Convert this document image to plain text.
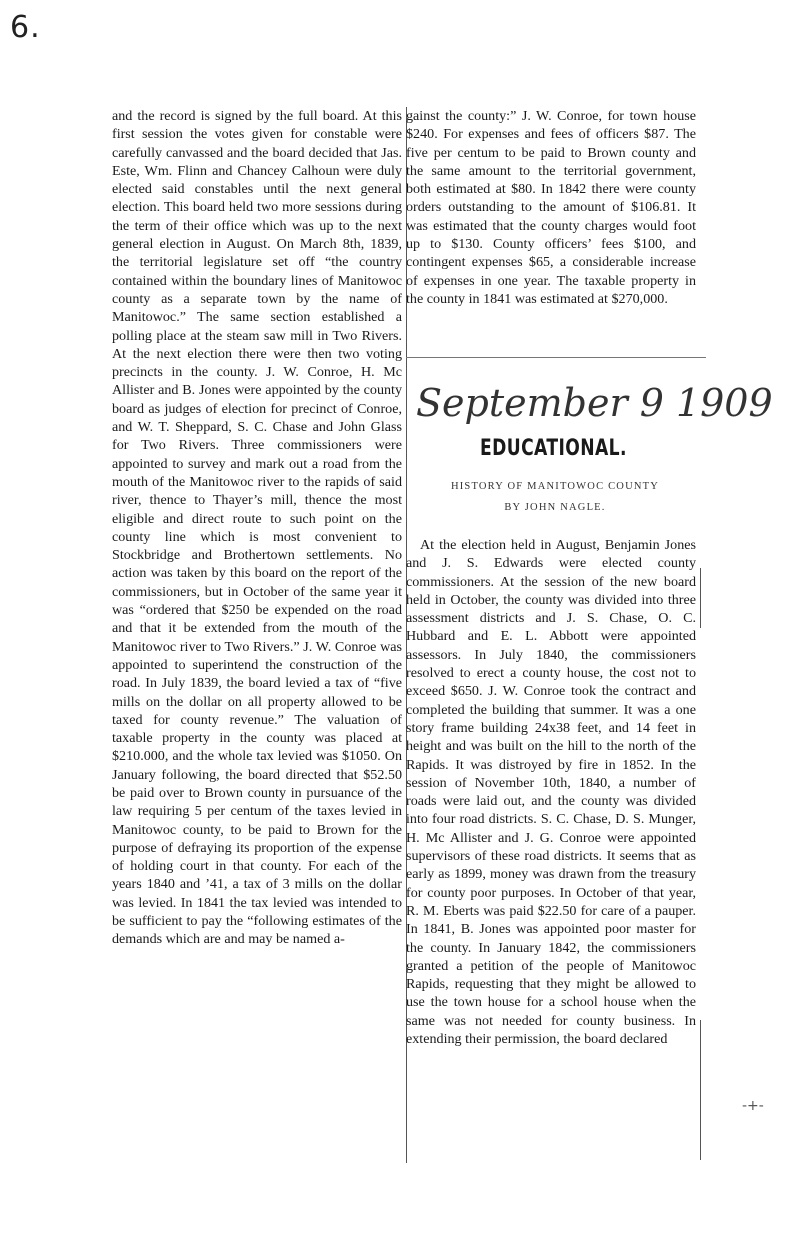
6.

and the record is signed by the full board. At this first session the votes given for constable were carefully canvassed and the board decided that Jas. Este, Wm. Flinn and Chancey Calhoun were duly elected said constables until the next general election. This board held two more sessions during the term of their office which was up to the next general election in August. On March 8th, 1839, the territorial legislature set off “the country contained within the boundary lines of Manitowoc county as a separate town by the name of Manitowoc.” The same section established a polling place at the steam saw mill in Two Rivers. At the next election there were then two voting precincts in the county. J. W. Conroe, H. Mc Allister and B. Jones were appointed by the county board as judges of election for precinct of Conroe, and W. T. Sheppard, S. C. Chase and John Glass for Two Rivers. Three commissioners were appointed to survey and mark out a road from the mouth of the Manitowoc river to the rapids of said river, thence to Thayer’s mill, thence the most eligible and direct route to such point on the county line which is most convenient to Stockbridge and Brothertown settlements. No action was taken by this board on the report of the commissioners, but in October of the same year it was “ordered that $250 be expended on the road and that it be extended from the mouth of the Manitowoc river to Two Rivers.” J. W. Conroe was appointed to superintend the construction of the road. In July 1839, the board levied a tax of “five mills on the dollar on all property allowed to be taxed for county revenue.” The valuation of taxable property in the county was placed at $210.000, and the whole tax levied was $1050. On January following, the board directed that $52.50 be paid over to Brown county in pursuance of the law requiring 5 per centum of the taxes levied in Manitowoc county, to be paid to Brown for the purpose of defraying its proportion of the expense of holding court in that county. For each of the years 1840 and ’41, a tax of 3 mills on the dollar was levied. In 1841 the tax levied was intended to be sufficient to pay the “following estimates of the demands which are and may be named a-

gainst the county:” J. W. Conroe, for town house $240. For expenses and fees of officers $87. The five per centum to be paid to Brown county and the same amount to the territorial government, both estimated at $80. In 1842 there were county orders outstanding to the amount of $106.81. It was estimated that the county charges would foot up to $130. County officers’ fees $100, and contingent expenses $65, a considerable increase of expenses in one year. The taxable property in the county in 1841 was estimated at $270,000.

September 9 1909
EDUCATIONAL.
HISTORY OF MANITOWOC COUNTY
BY JOHN NAGLE.

At the election held in August, Benjamin Jones and J. S. Edwards were elected county commissioners. At the session of the new board held in October, the county was divided into three assessment districts and J. S. Chase, O. C. Hubbard and E. L. Abbott were appointed assessors. In July 1840, the commissioners resolved to erect a county house, the cost not to exceed $650. J. W. Conroe took the contract and completed the building that summer. It was a one story frame building 24x38 feet, and 14 feet in height and was built on the hill to the north of the Rapids. It was distroyed by fire in 1852. In the session of November 10th, 1840, a number of roads were laid out, and the county was divided into four road districts. S. C. Chase, D. S. Munger, H. Mc Allister and J. G. Conroe were appointed supervisors of these road districts. It seems that as early as 1899, money was drawn from the treasury for county poor purposes. In October of that year, R. M. Eberts was paid $22.50 for care of a pauper. In 1841, B. Jones was appointed poor master for the county. In January 1842, the commissioners granted a petition of the people of Manitowoc Rapids, requesting that they might be allowed to use the town house for a school house when the same was not needed for county business. In extending their permission, the board declared

-+-
